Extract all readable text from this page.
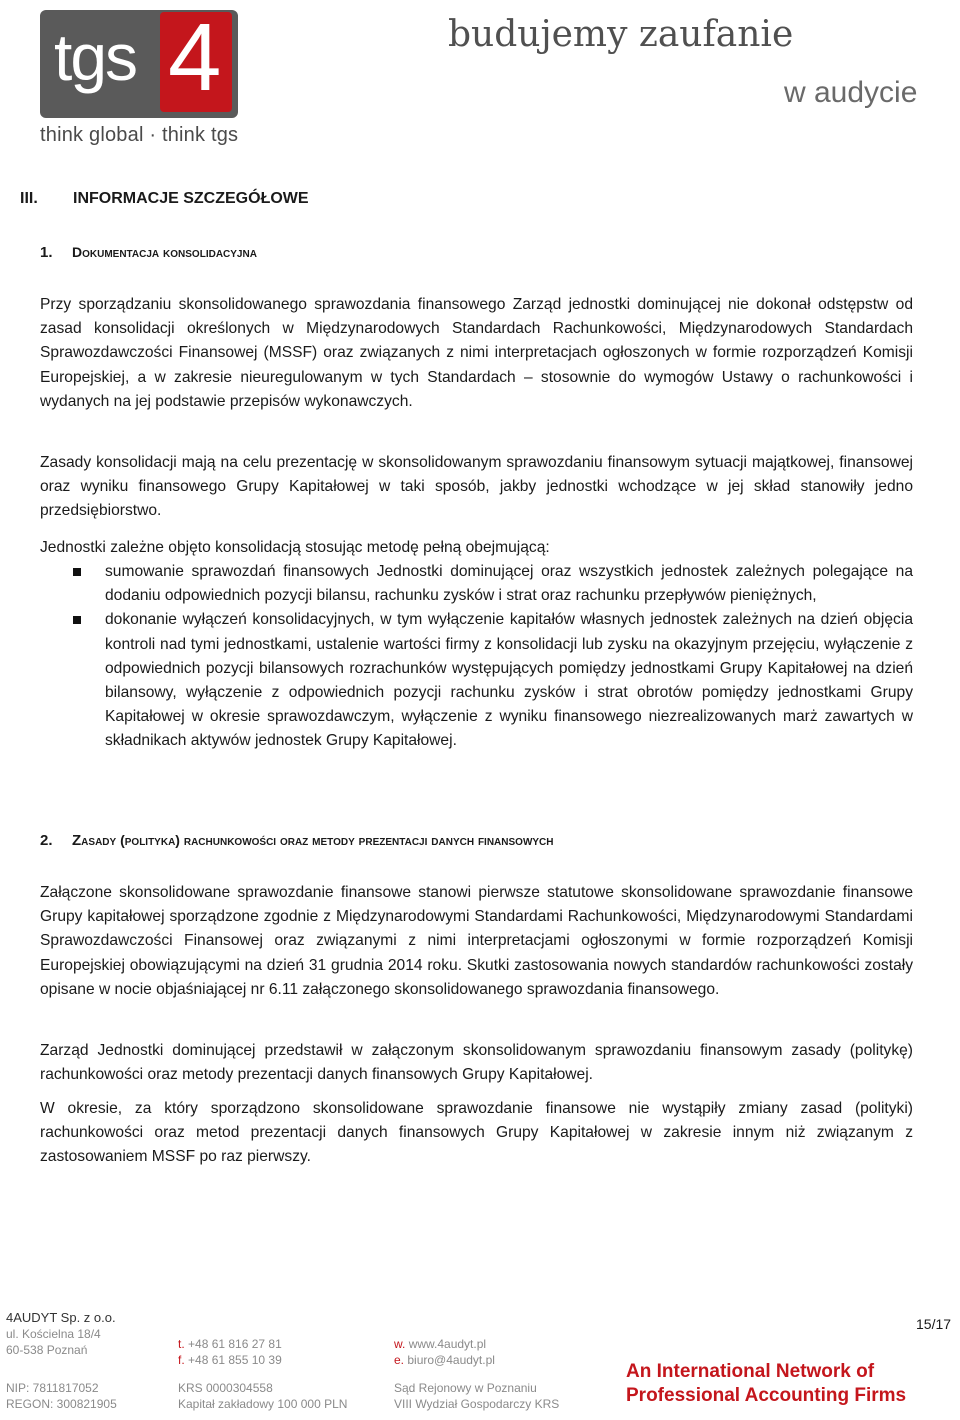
tgs 4
think global · think tgs
budujemy zaufanie
w audycie
III. INFORMACJE SZCZEGÓŁOWE
1. Dokumentacja konsolidacyjna

Przy sporządzaniu skonsolidowanego sprawozdania finansowego Zarząd jednostki dominującej nie dokonał odstępstw od zasad konsolidacji określonych w Międzynarodowych Standardach Rachunkowości, Międzynarodowych Standardach Sprawozdawczości Finansowej (MSSF) oraz związanych z nimi interpretacjach ogłoszonych w formie rozporządzeń Komisji Europejskiej, a w zakresie nieuregulowanym w tych Standardach – stosownie do wymogów Ustawy o rachunkowości i wydanych na jej podstawie przepisów wykonawczych.

Zasady konsolidacji mają na celu prezentację w skonsolidowanym sprawozdaniu finansowym sytuacji majątkowej, finansowej oraz wyniku finansowego Grupy Kapitałowej w taki sposób, jakby jednostki wchodzące w jej skład stanowiły jedno przedsiębiorstwo.

Jednostki zależne objęto konsolidacją stosując metodę pełną obejmującą:

sumowanie sprawozdań finansowych Jednostki dominującej oraz wszystkich jednostek zależnych polegające na dodaniu odpowiednich pozycji bilansu, rachunku zysków i strat oraz rachunku przepływów pieniężnych,
dokonanie wyłączeń konsolidacyjnych, w tym wyłączenie kapitałów własnych jednostek zależnych na dzień objęcia kontroli nad tymi jednostkami, ustalenie wartości firmy z konsolidacji lub zysku na okazyjnym przejęciu, wyłączenie z odpowiednich pozycji bilansowych rozrachunków występujących pomiędzy jednostkami Grupy Kapitałowej na dzień bilansowy, wyłączenie z odpowiednich pozycji rachunku zysków i strat obrotów pomiędzy jednostkami Grupy Kapitałowej w okresie sprawozdawczym, wyłączenie z wyniku finansowego niezrealizowanych marż zawartych w składnikach aktywów jednostek Grupy Kapitałowej.
2. Zasady (polityka) rachunkowości oraz metody prezentacji danych finansowych

Załączone skonsolidowane sprawozdanie finansowe stanowi pierwsze statutowe skonsolidowane sprawozdanie finansowe Grupy kapitałowej sporządzone zgodnie z Międzynarodowymi Standardami Rachunkowości, Międzynarodowymi Standardami Sprawozdawczości Finansowej oraz związanymi z nimi interpretacjami ogłoszonymi w formie rozporządzeń Komisji Europejskiej obowiązującymi na dzień 31 grudnia 2014 roku. Skutki zastosowania nowych standardów rachunkowości zostały opisane w nocie objaśniającej nr 6.11 załączonego skonsolidowanego sprawozdania finansowego.

Zarząd Jednostki dominującej przedstawił w załączonym skonsolidowanym sprawozdaniu finansowym zasady (politykę) rachunkowości oraz metody prezentacji danych finansowych Grupy Kapitałowej.

W okresie, za który sporządzono skonsolidowane sprawozdanie finansowe nie wystąpiły zmiany zasad (polityki) rachunkowości oraz metod prezentacji danych finansowych Grupy Kapitałowej w zakresie innym niż związanym z zastosowaniem MSSF po raz pierwszy.

15/17
4AUDYT Sp. z o.o.
ul. Kościelna 18/4
60-538 Poznań
NIP: 7811817052
REGON: 300821905
t. +48 61 816 27 81
f. +48 61 855 10 39
KRS 0000304558
Kapitał zakładowy 100 000 PLN
w. www.4audyt.pl
e. biuro@4audyt.pl
Sąd Rejonowy w Poznaniu
VIII Wydział Gospodarczy KRS
An International Network of
Professional Accounting Firms
